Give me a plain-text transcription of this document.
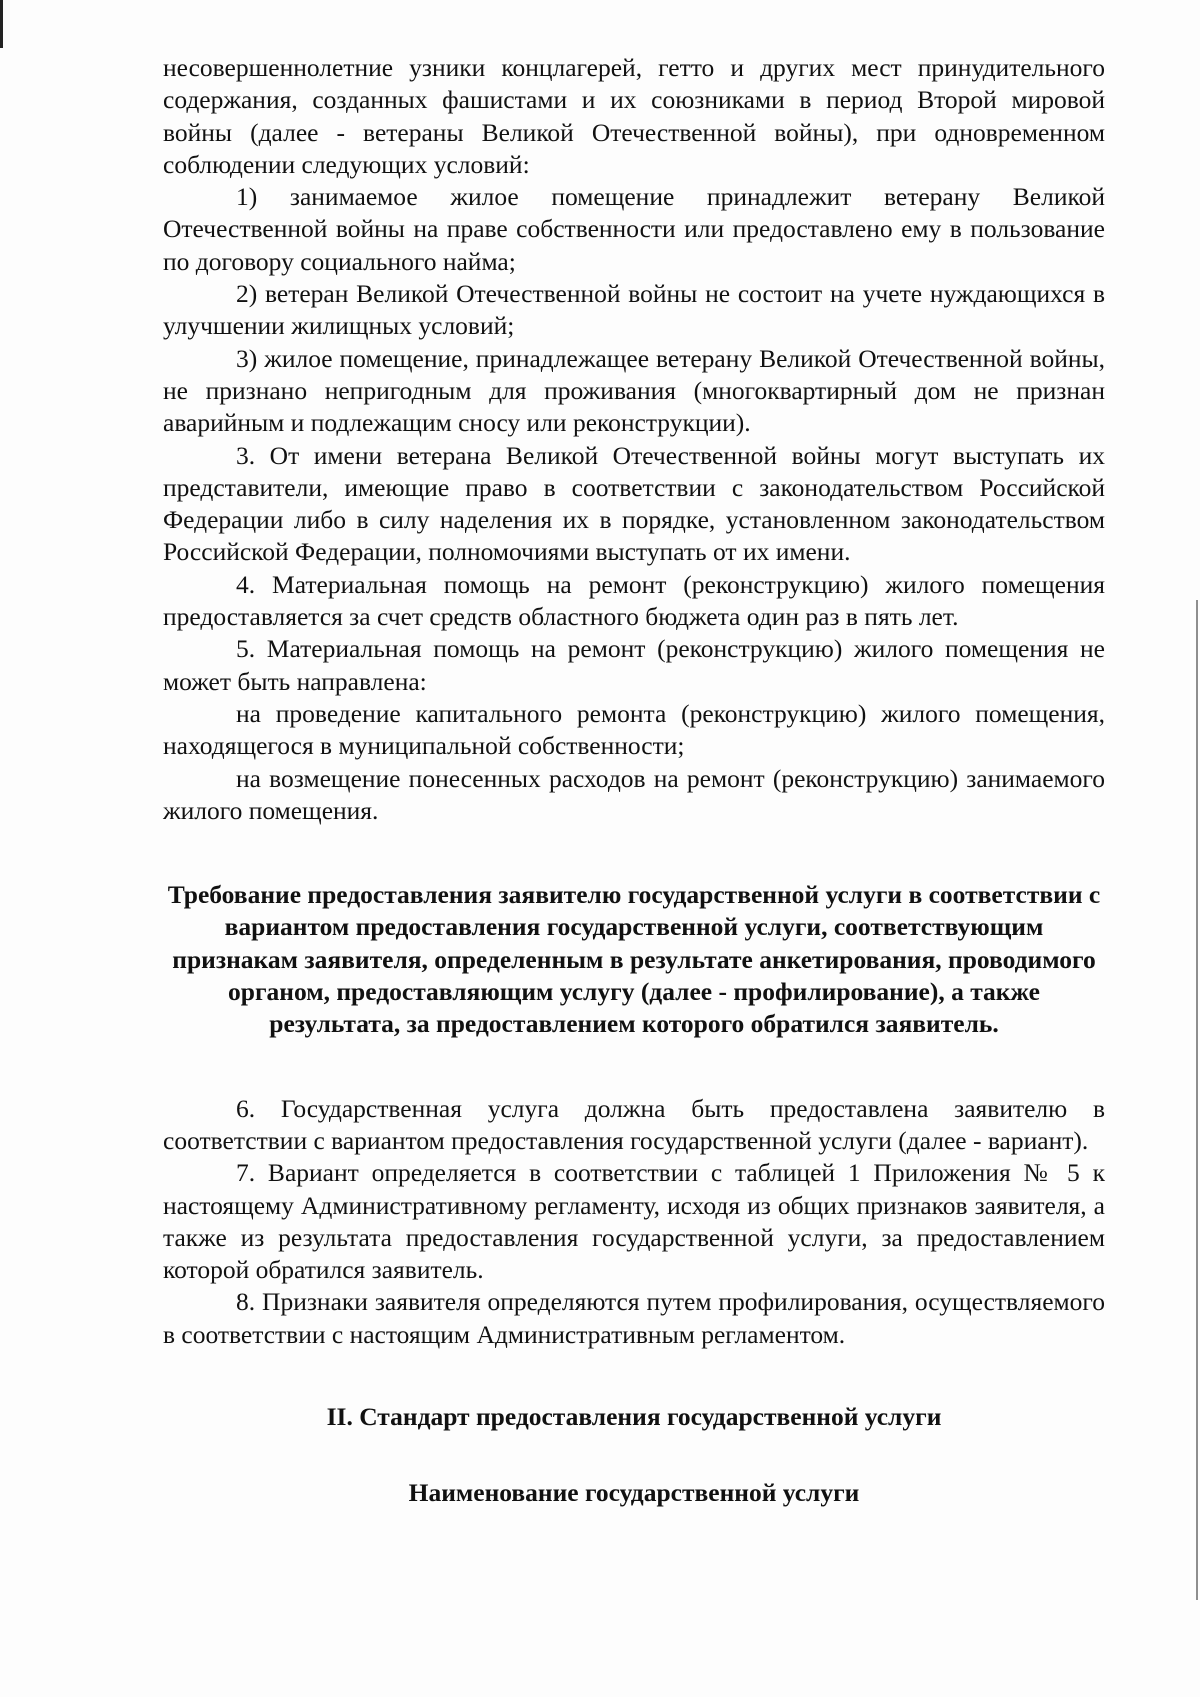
несовершеннолетние узники концлагерей, гетто и других мест принудительного содержания, созданных фашистами и их союзниками в период Второй мировой войны (далее - ветераны Великой Отечественной войны), при одновременном соблюдении следующих условий:

1) занимаемое жилое помещение принадлежит ветерану Великой Отечественной войны на праве собственности или предоставлено ему в пользование по договору социального найма;

2) ветеран Великой Отечественной войны не состоит на учете нуждающихся в улучшении жилищных условий;

3) жилое помещение, принадлежащее ветерану Великой Отечественной войны, не признано непригодным для проживания (многоквартирный дом не признан аварийным и подлежащим сносу или реконструкции).

3. От имени ветерана Великой Отечественной войны могут выступать их представители, имеющие право в соответствии с законодательством Российской Федерации либо в силу наделения их в порядке, установленном законодательством Российской Федерации, полномочиями выступать от их имени.

4. Материальная помощь на ремонт (реконструкцию) жилого помещения предоставляется за счет средств областного бюджета один раз в пять лет.

5. Материальная помощь на ремонт (реконструкцию) жилого помещения не может быть направлена:

на проведение капитального ремонта (реконструкцию) жилого помещения, находящегося в муниципальной собственности;

на возмещение понесенных расходов на ремонт (реконструкцию) занимаемого жилого помещения.

Требование предоставления заявителю государственной услуги в соответствии с вариантом предоставления государственной услуги, соответствующим признакам заявителя, определенным в результате анкетирования, проводимого органом, предоставляющим услугу (далее - профилирование), а также результата, за предоставлением которого обратился заявитель.

6. Государственная услуга должна быть предоставлена заявителю в соответствии с вариантом предоставления государственной услуги (далее - вариант).

7. Вариант определяется в соответствии с таблицей 1 Приложения № 5 к настоящему Административному регламенту, исходя из общих признаков заявителя, а также из результата предоставления государственной услуги, за предоставлением которой обратился заявитель.

8. Признаки заявителя определяются путем профилирования, осуществляемого в соответствии с настоящим Административным регламентом.

II. Стандарт предоставления государственной услуги

Наименование государственной услуги
